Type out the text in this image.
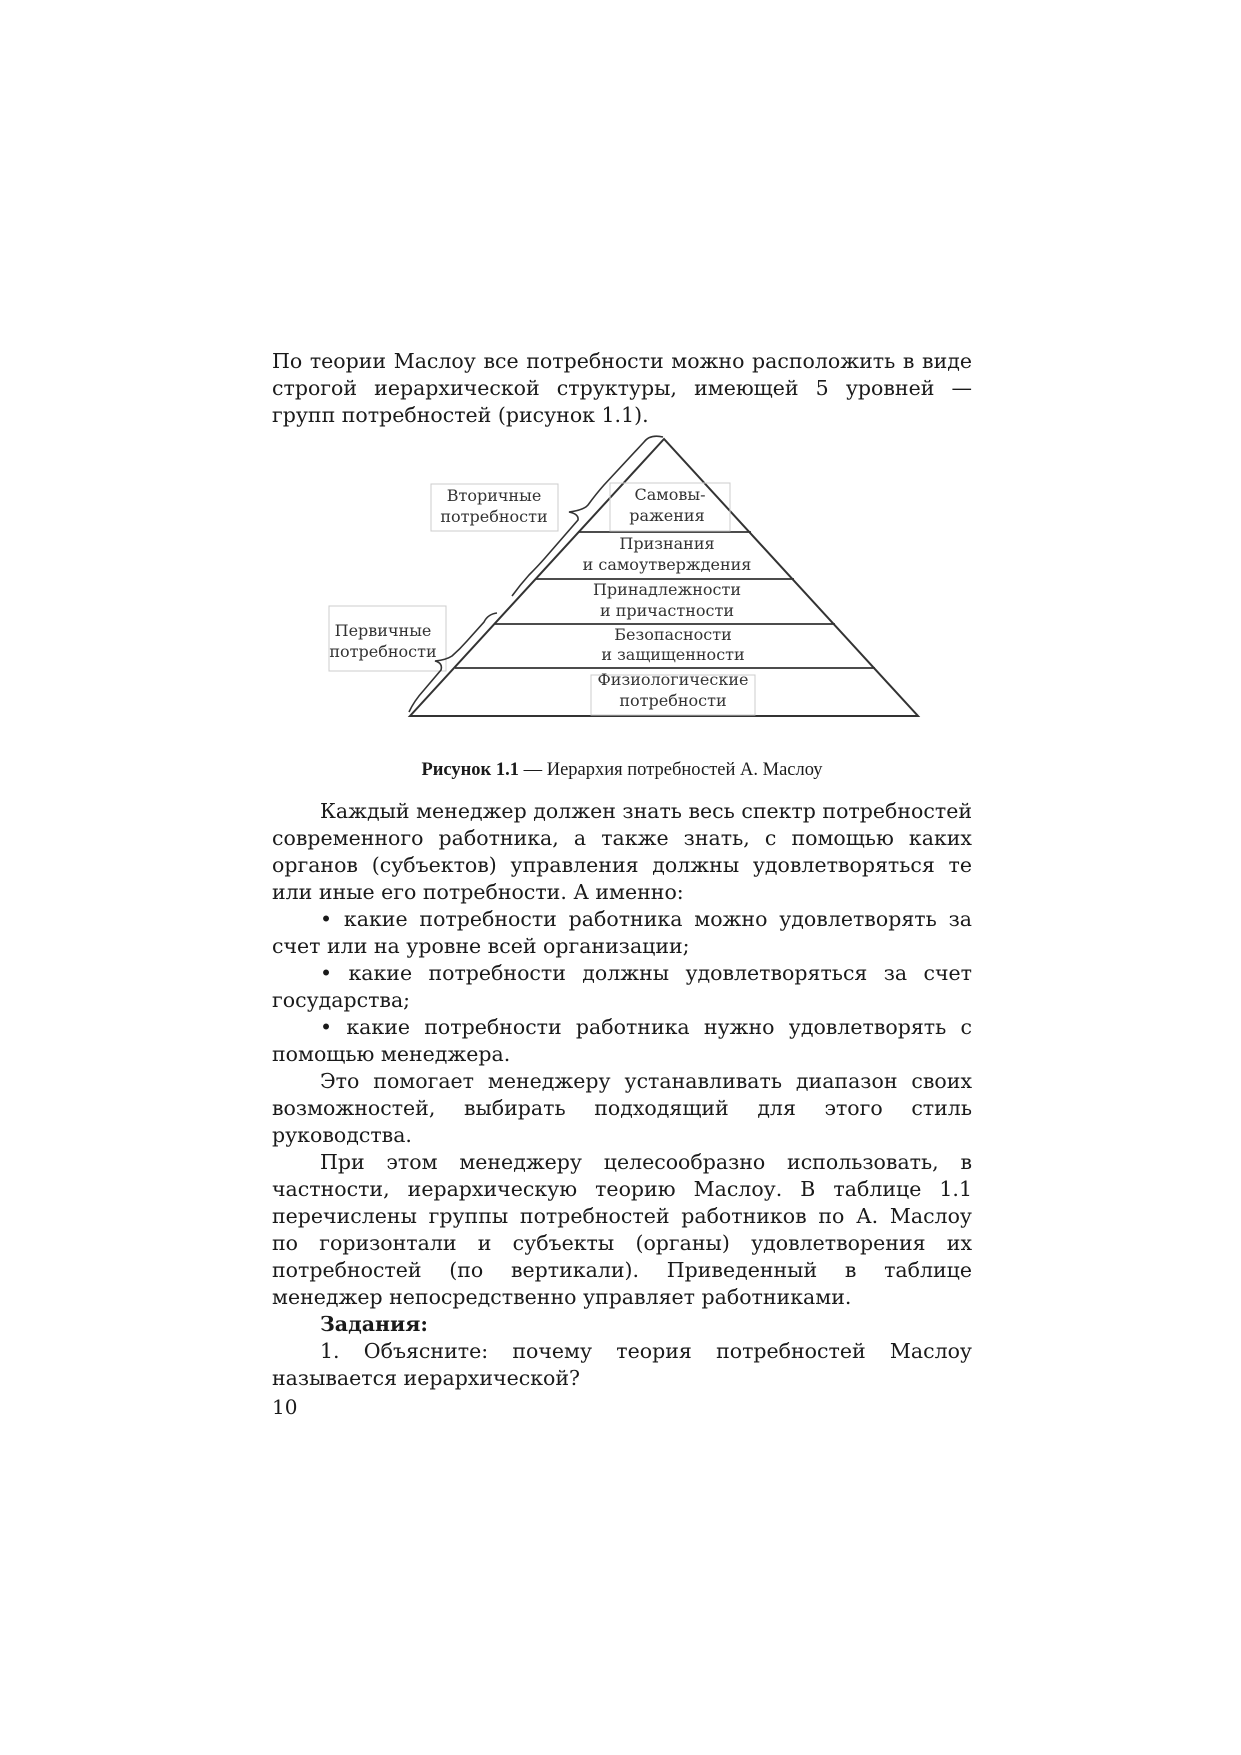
По теории Маслоу все потребности можно расположить в виде строгой иерархической структуры, имеющей 5 уровней — групп потребностей (рисунок 1.1).

Самовы-
ражения
Признания
и самоутверждения
Принадлежности
и причастности
Безопасности
и защищенности
Физиологические
потребности
Вторичные
потребности
Первичные
потребности
Рисунок 1.1 — Иерархия потребностей А. Маслоу

Каждый менеджер должен знать весь спектр потребностей современного работника, а также знать, с помощью каких органов (субъектов) управления должны удовлетворяться те или иные его потребности. А именно:

• какие потребности работника можно удовлетворять за счет или на уровне всей организации;

• какие потребности должны удовлетворяться за счет государства;

• какие потребности работника нужно удовлетворять с помощью менеджера.

Это помогает менеджеру устанавливать диапазон своих возможностей, выбирать подходящий для этого стиль руководства.

При этом менеджеру целесообразно использовать, в частности, иерархическую теорию Маслоу. В таблице 1.1 перечислены группы потребностей работников по А. Маслоу по горизонтали и субъекты (органы) удовлетворения их потребностей (по вертикали). Приведенный в таблице менеджер непосредственно управляет работниками.

Задания:

1. Объясните: почему теория потребностей Маслоу называется иерархической?

10
